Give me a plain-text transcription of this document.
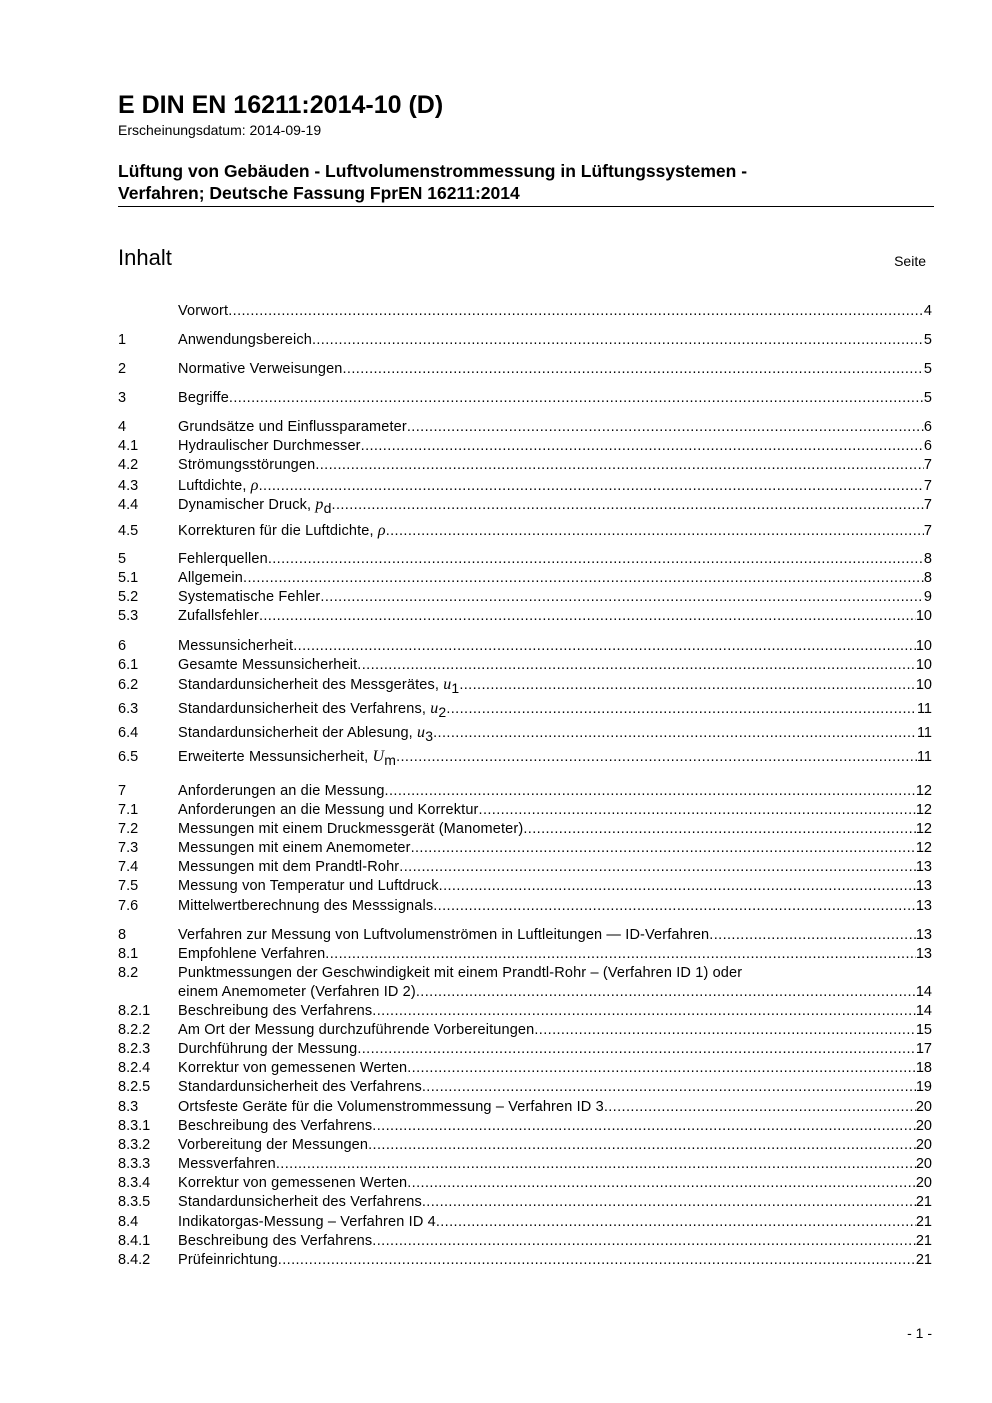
E DIN EN 16211:2014-10 (D)
Erscheinungsdatum: 2014-09-19
Lüftung von Gebäuden - Luftvolumenstrommessung in Lüftungssystemen -
Verfahren; Deutsche Fassung FprEN 16211:2014
Inhalt	Seite
Vorwort .....	4
1	Anwendungsbereich .....	5
2	Normative Verweisungen .....	5
3	Begriffe .....	5
4	Grundsätze und Einflussparameter .....	6
4.1	Hydraulischer Durchmesser .....	6
4.2	Strömungsstörungen .....	7
4.3	Luftdichte, ρ .....	7
4.4	Dynamischer Druck, pd .....	7
4.5	Korrekturen für die Luftdichte, ρ .....	7
5	Fehlerquellen .....	8
5.1	Allgemein .....	8
5.2	Systematische Fehler .....	9
5.3	Zufallsfehler .....	10
6	Messunsicherheit .....	10
6.1	Gesamte Messunsicherheit .....	10
6.2	Standardunsicherheit des Messgerätes, u1 .....	10
6.3	Standardunsicherheit des Verfahrens, u2 .....	11
6.4	Standardunsicherheit der Ablesung, u3 .....	11
6.5	Erweiterte Messunsicherheit, Um .....	11
7	Anforderungen an die Messung .....	12
7.1	Anforderungen an die Messung und Korrektur .....	12
7.2	Messungen mit einem Druckmessgerät (Manometer) .....	12
7.3	Messungen mit einem Anemometer .....	12
7.4	Messungen mit dem Prandtl-Rohr .....	13
7.5	Messung von Temperatur und Luftdruck .....	13
7.6	Mittelwertberechnung des Messsignals .....	13
8	Verfahren zur Messung von Luftvolumenströmen in Luftleitungen — ID-Verfahren .....	13
8.1	Empfohlene Verfahren .....	13
8.2	Punktmessungen der Geschwindigkeit mit einem Prandtl-Rohr – (Verfahren ID 1) oder
einem Anemometer (Verfahren ID 2) .....	14
8.2.1	Beschreibung des Verfahrens .....	14
8.2.2	Am Ort der Messung durchzuführende Vorbereitungen .....	15
8.2.3	Durchführung der Messung .....	17
8.2.4	Korrektur von gemessenen Werten .....	18
8.2.5	Standardunsicherheit des Verfahrens .....	19
8.3	Ortsfeste Geräte für die Volumenstrommessung – Verfahren ID 3 .....	20
8.3.1	Beschreibung des Verfahrens .....	20
8.3.2	Vorbereitung der Messungen .....	20
8.3.3	Messverfahren .....	20
8.3.4	Korrektur von gemessenen Werten .....	20
8.3.5	Standardunsicherheit des Verfahrens .....	21
8.4	Indikatorgas-Messung – Verfahren ID 4 .....	21
8.4.1	Beschreibung des Verfahrens .....	21
8.4.2	Prüfeinrichtung .....	21
- 1 -
